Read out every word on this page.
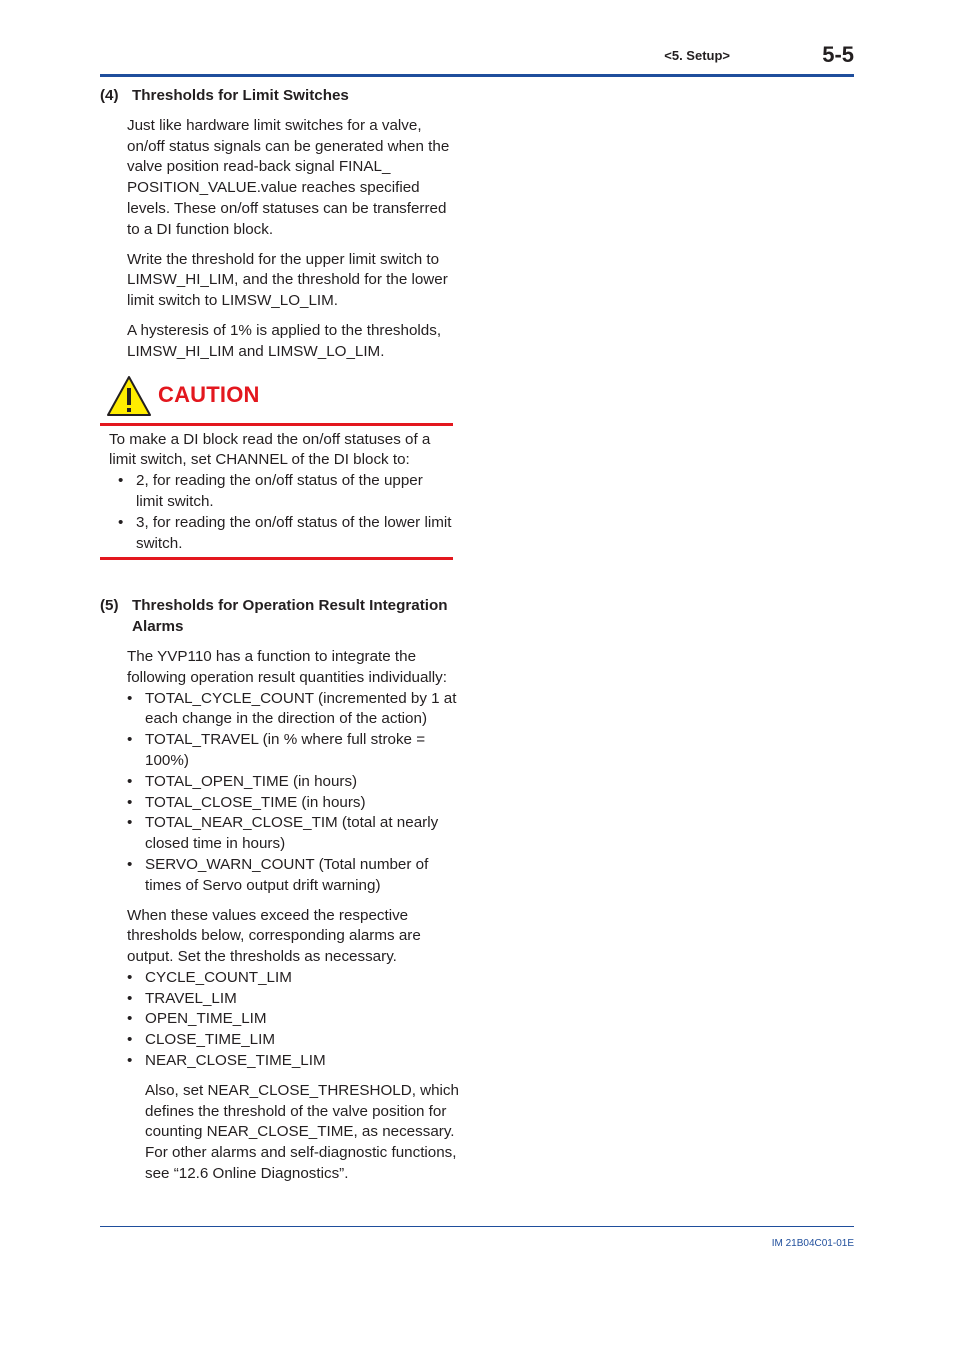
<5. Setup>	5-5
(4) Thresholds for Limit Switches

Just like hardware limit switches for a valve, on/off status signals can be generated when the valve position read-back signal FINAL_ POSITION_VALUE.value reaches specified levels. These on/off statuses can be transferred to a DI function block.

Write the threshold for the upper limit switch to LIMSW_HI_LIM, and the threshold for the lower limit switch to LIMSW_LO_LIM.

A hysteresis of 1% is applied to the thresholds, LIMSW_HI_LIM and LIMSW_LO_LIM.

CAUTION
To make a DI block read the on/off statuses of a limit switch, set CHANNEL of the DI block to:
• 2, for reading the on/off status of the upper limit switch.
• 3, for reading the on/off status of the lower limit switch.
(5) Thresholds for Operation Result Integration Alarms

The YVP110 has a function to integrate the following operation result quantities individually:

• TOTAL_CYCLE_COUNT (incremented by 1 at each change in the direction of the action)
• TOTAL_TRAVEL (in % where full stroke = 100%)
• TOTAL_OPEN_TIME (in hours)
• TOTAL_CLOSE_TIME (in hours)
• TOTAL_NEAR_CLOSE_TIM (total at nearly closed time in hours)
• SERVO_WARN_COUNT (Total number of times of Servo output drift warning)

When these values exceed the respective thresholds below, corresponding alarms are output. Set the thresholds as necessary.

• CYCLE_COUNT_LIM
• TRAVEL_LIM
• OPEN_TIME_LIM
• CLOSE_TIME_LIM
• NEAR_CLOSE_TIME_LIM

Also, set NEAR_CLOSE_THRESHOLD, which defines the threshold of the valve position for counting NEAR_CLOSE_TIME, as necessary.

For other alarms and self-diagnostic functions, see “12.6 Online Diagnostics”.
IM 21B04C01-01E
